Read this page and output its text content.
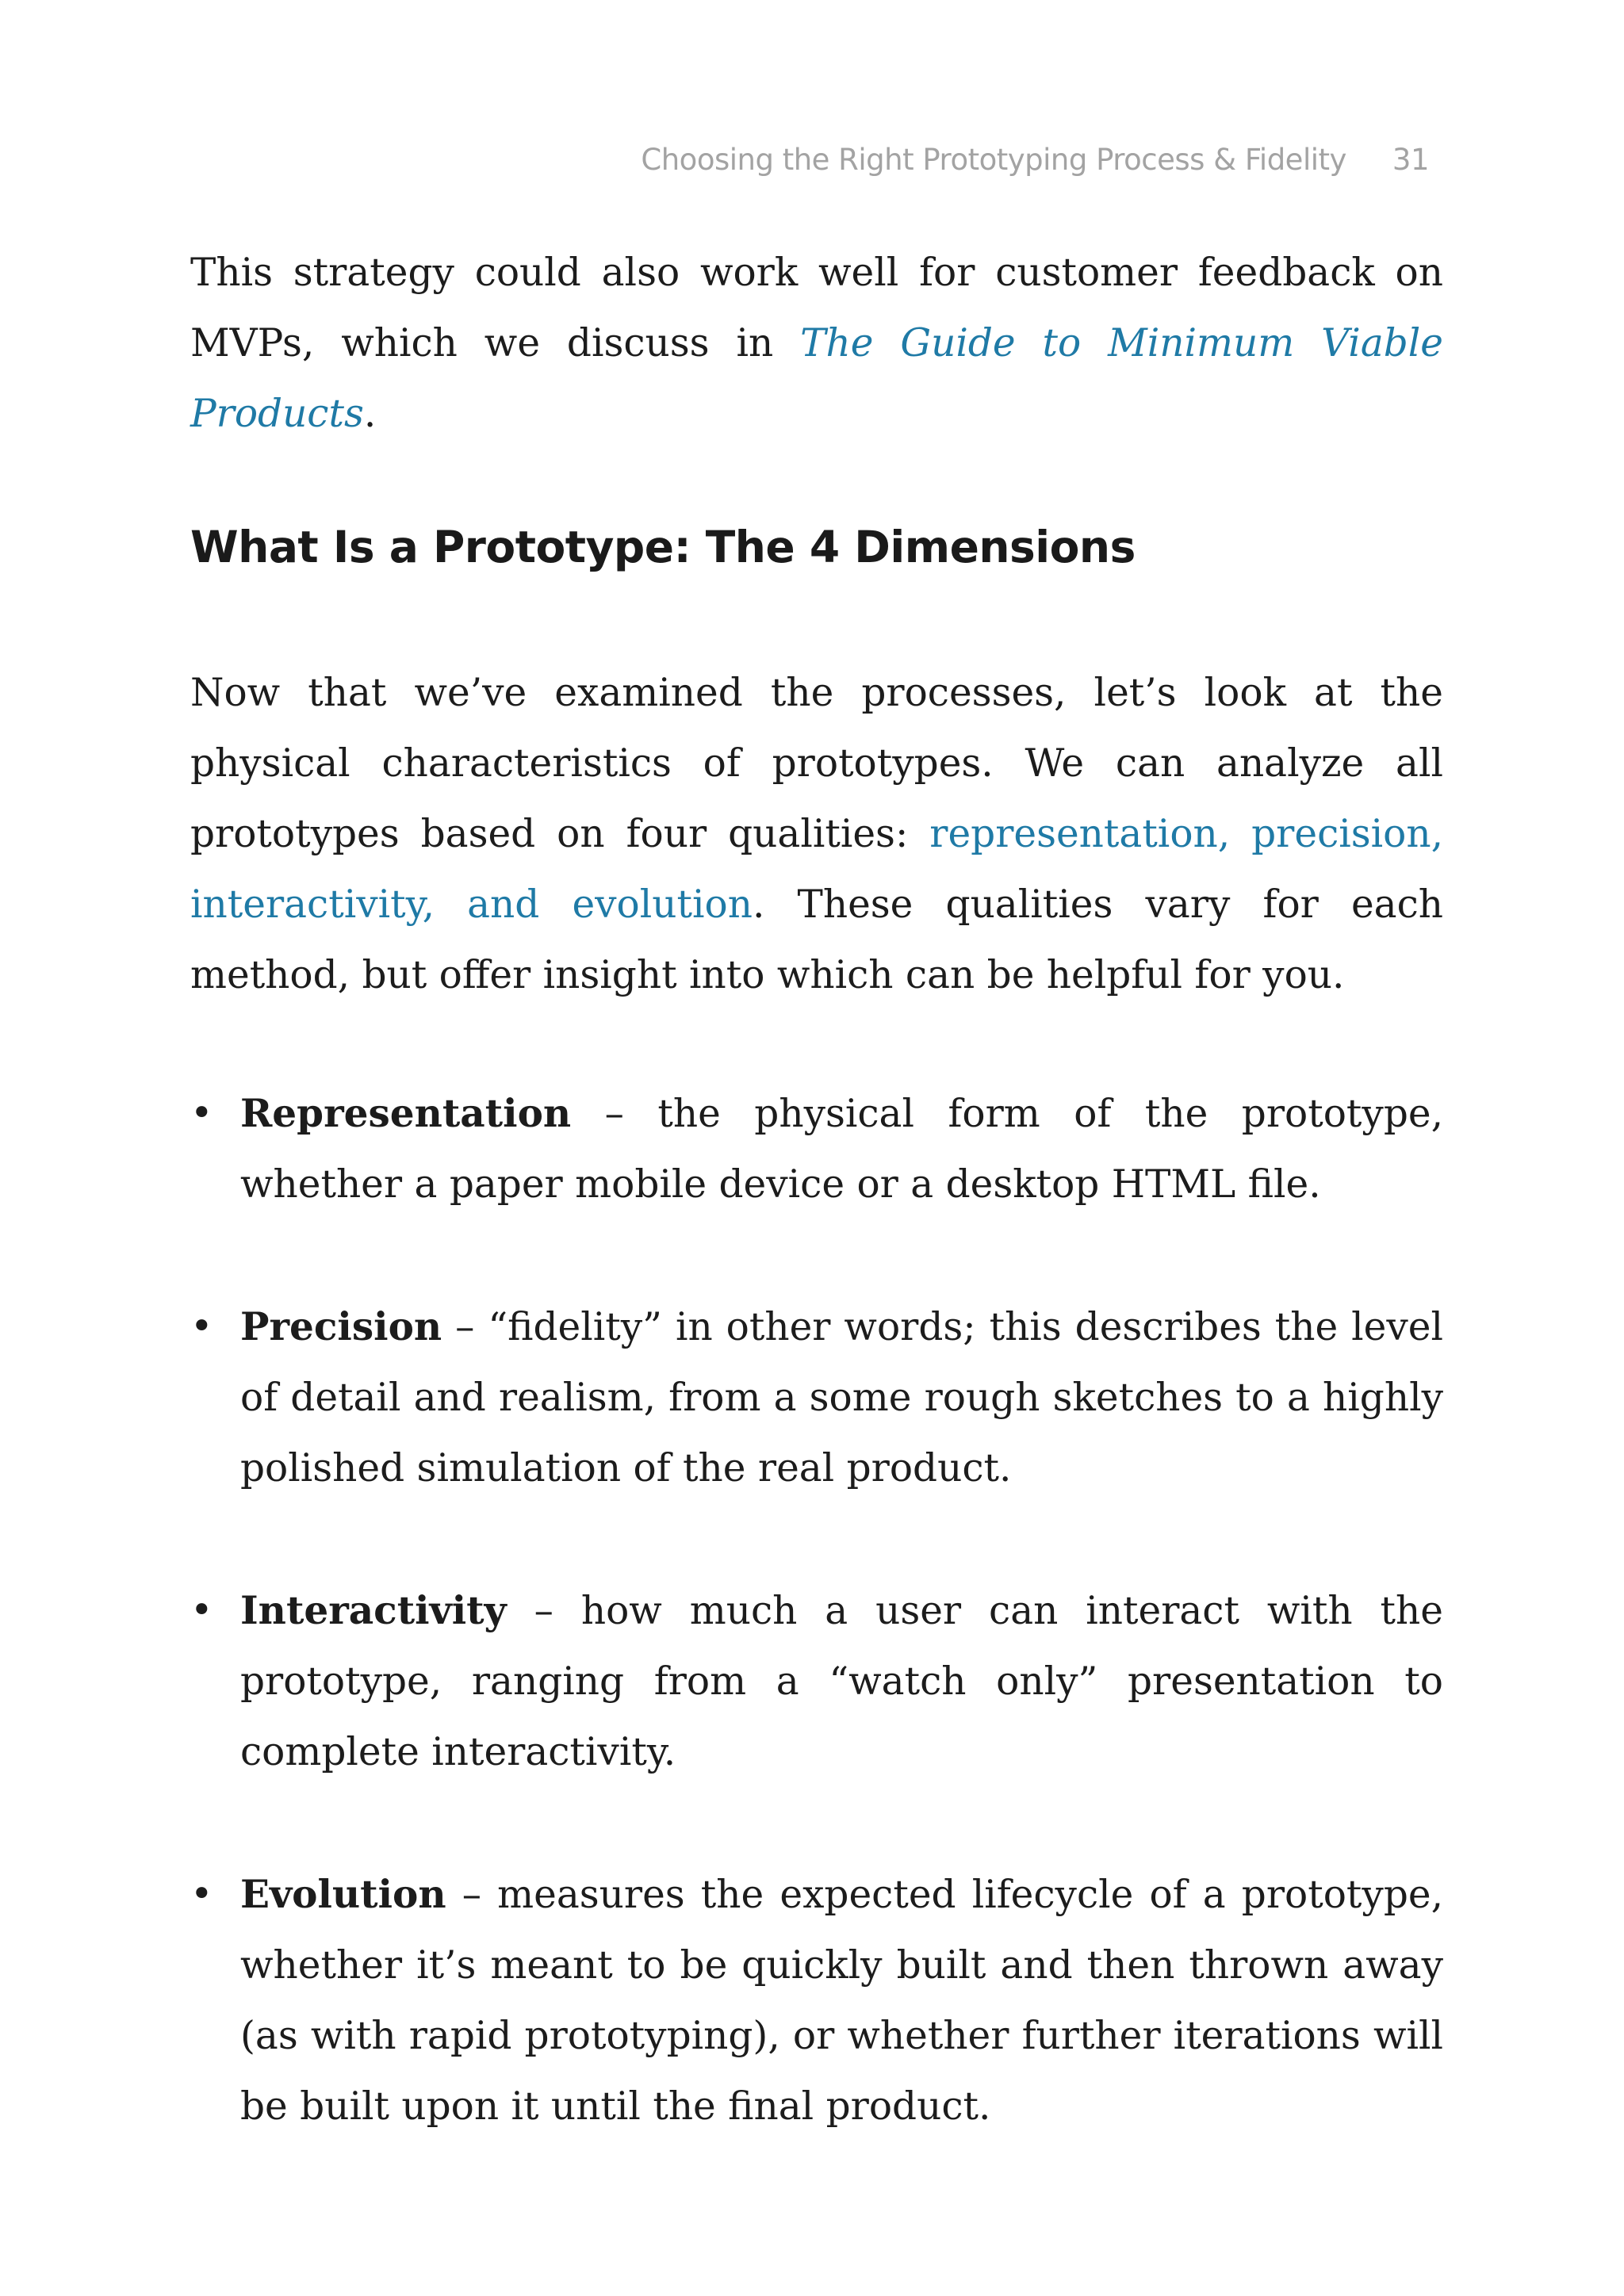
Choosing the Right Prototyping Process & Fidelity 31

This strategy could also work well for customer feedback on MVPs, which we discuss in The Guide to Minimum Viable Products.

What Is a Prototype: The 4 Dimensions

Now that we’ve examined the processes, let’s look at the physical characteristics of prototypes. We can analyze all prototypes based on four qualities: representation, precision, interactivity, and evolution. These qualities vary for each method, but offer insight into which can be helpful for you.

• Representation – the physical form of the prototype, whether a paper mobile device or a desktop HTML file.
• Precision – “fidelity” in other words; this describes the level of detail and realism, from a some rough sketches to a highly polished simulation of the real product.
• Interactivity – how much a user can interact with the prototype, ranging from a “watch only” presentation to complete interactivity.
• Evolution – measures the expected lifecycle of a prototype, whether it’s meant to be quickly built and then thrown away (as with rapid prototyping), or whether further iterations will be built upon it until the final product.
